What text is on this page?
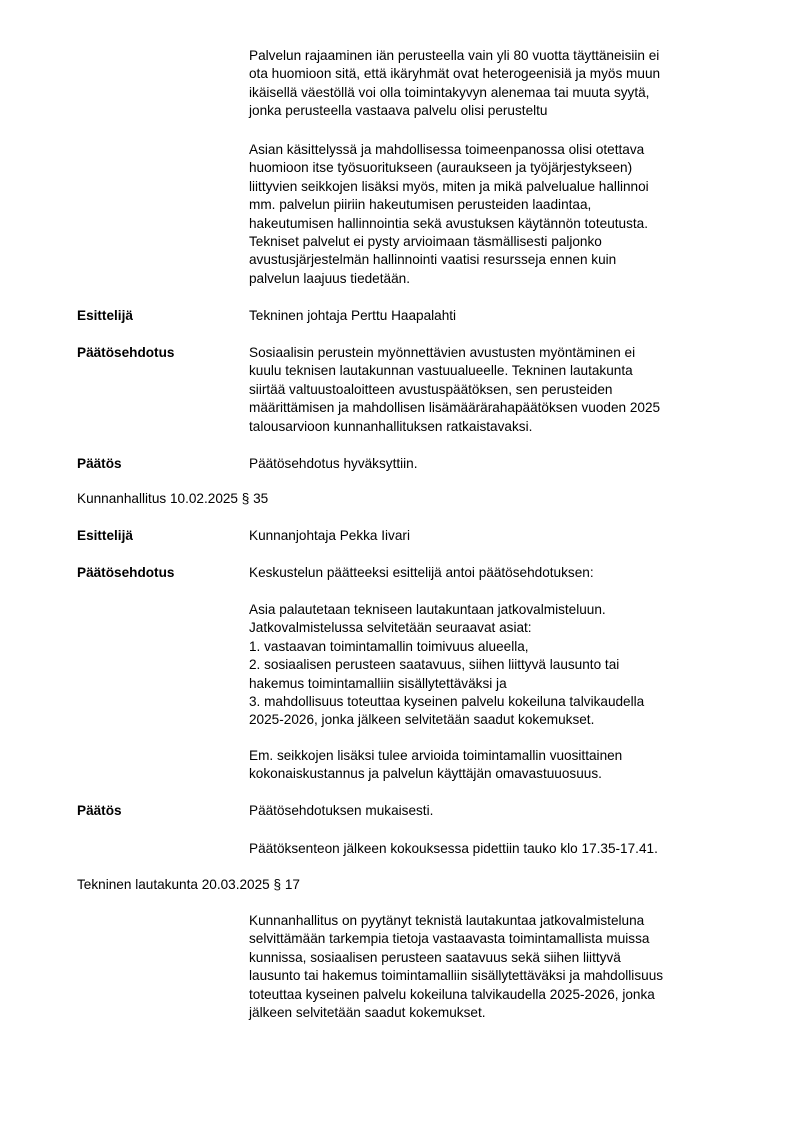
Palvelun rajaaminen iän perusteella vain yli 80 vuotta täyttäneisiin ei
ota huomioon sitä, että ikäryhmät ovat heterogeenisiä ja myös muun
ikäisellä väestöllä voi olla toimintakyvyn alenemaa tai muuta syytä,
jonka perusteella vastaava palvelu olisi perusteltu
Asian käsittelyssä ja mahdollisessa toimeenpanossa olisi otettava
huomioon itse työsuoritukseen (auraukseen ja työjärjestykseen)
liittyvien seikkojen lisäksi myös, miten ja mikä palvelualue hallinnoi
mm. palvelun piiriin hakeutumisen perusteiden laadintaa,
hakeutumisen hallinnointia sekä avustuksen käytännön toteutusta.
Tekniset palvelut ei pysty arvioimaan täsmällisesti paljonko
avustusjärjestelmän hallinnointi vaatisi resursseja ennen kuin
palvelun laajuus tiedetään.
Esittelijä	Tekninen johtaja Perttu Haapalahti
Päätösehdotus	Sosiaalisin perustein myönnettävien avustusten myöntäminen ei
kuulu teknisen lautakunnan vastuualueelle. Tekninen lautakunta
siirtää valtuustoaloitteen avustuspäätöksen, sen perusteiden
määrittämisen ja mahdollisen lisämäärärahapäätöksen vuoden 2025
talousarvioon kunnanhallituksen ratkaistavaksi.
Päätös	Päätösehdotus hyväksyttiin.
Kunnanhallitus 10.02.2025 § 35
Esittelijä	Kunnanjohtaja Pekka Iivari
Päätösehdotus	Keskustelun päätteeksi esittelijä antoi päätösehdotuksen:
Asia palautetaan tekniseen lautakuntaan jatkovalmisteluun.
Jatkovalmistelussa selvitetään seuraavat asiat:
1. vastaavan toimintamallin toimivuus alueella,
2. sosiaalisen perusteen saatavuus, siihen liittyvä lausunto tai
hakemus toimintamalliin sisällytettäväksi ja
3. mahdollisuus toteuttaa kyseinen palvelu kokeiluna talvikaudella
2025-2026, jonka jälkeen selvitetään saadut kokemukset.
Em. seikkojen lisäksi tulee arvioida toimintamallin vuosittainen
kokonaiskustannus ja palvelun käyttäjän omavastuuosuus.
Päätös	Päätösehdotuksen mukaisesti.
Päätöksenteon jälkeen kokouksessa pidettiin tauko klo 17.35-17.41.
Tekninen lautakunta 20.03.2025 § 17
Kunnanhallitus on pyytänyt teknistä lautakuntaa jatkovalmisteluna
selvittämään tarkempia tietoja vastaavasta toimintamallista muissa
kunnissa, sosiaalisen perusteen saatavuus sekä siihen liittyvä
lausunto tai hakemus toimintamalliin sisällytettäväksi ja mahdollisuus
toteuttaa kyseinen palvelu kokeiluna talvikaudella 2025-2026, jonka
jälkeen selvitetään saadut kokemukset.
